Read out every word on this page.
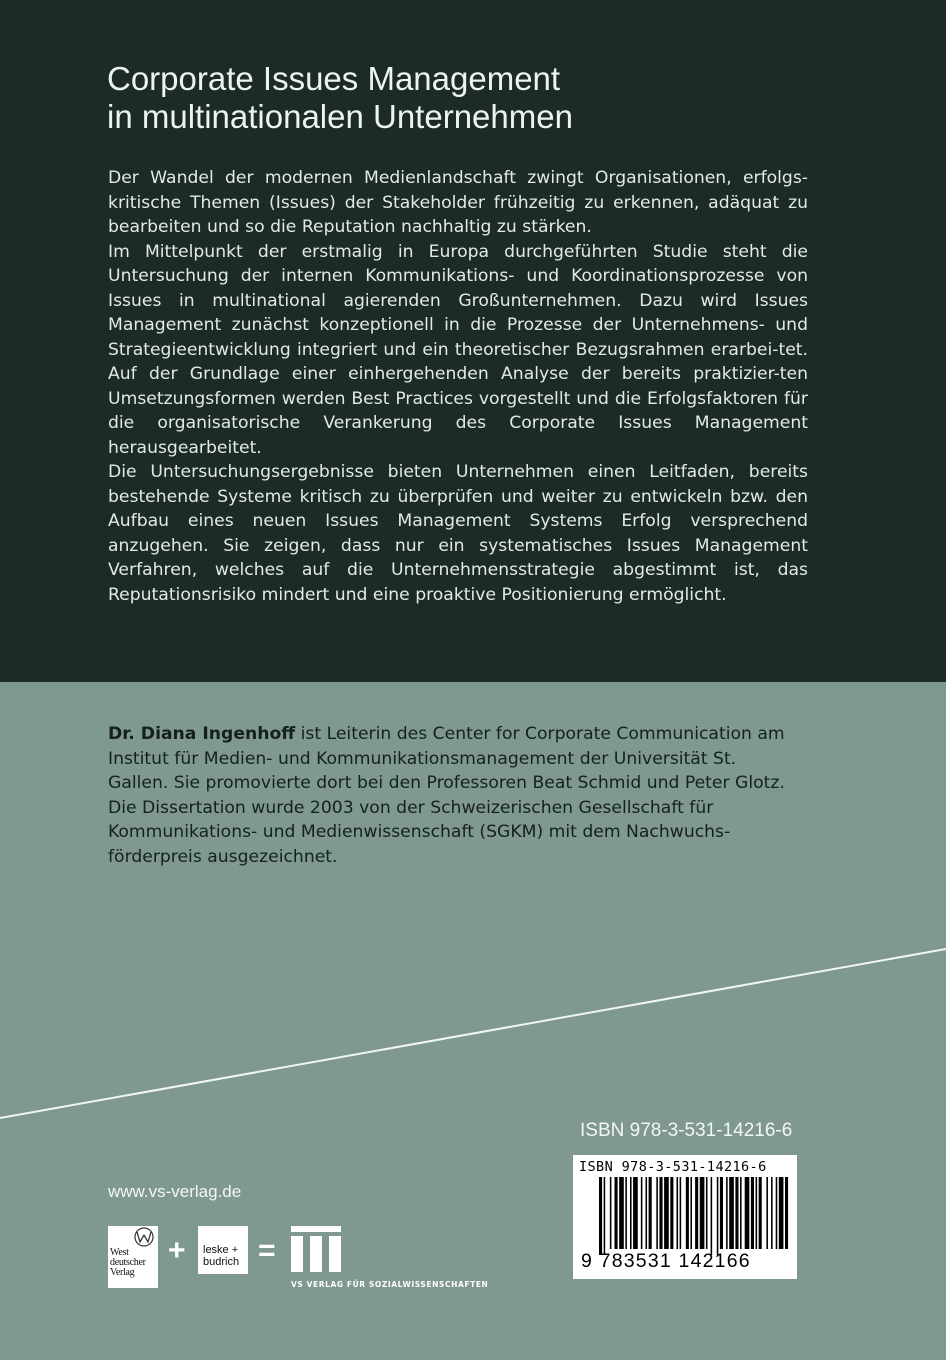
Corporate Issues Management
in multinationalen Unternehmen

Der Wandel der modernen Medienlandschaft zwingt Organisationen, erfolgs-kritische Themen (Issues) der Stakeholder frühzeitig zu erkennen, adäquat zu bearbeiten und so die Reputation nachhaltig zu stärken.

Im Mittelpunkt der erstmalig in Europa durchgeführten Studie steht die Untersuchung der internen Kommunikations- und Koordinationsprozesse von Issues in multinational agierenden Großunternehmen. Dazu wird Issues Management zunächst konzeptionell in die Prozesse der Unternehmens- und Strategieentwicklung integriert und ein theoretischer Bezugsrahmen erarbei-tet. Auf der Grundlage einer einhergehenden Analyse der bereits praktizier-ten Umsetzungsformen werden Best Practices vorgestellt und die Erfolgsfaktoren für die organisatorische Verankerung des Corporate Issues Management herausgearbeitet.

Die Untersuchungsergebnisse bieten Unternehmen einen Leitfaden, bereits bestehende Systeme kritisch zu überprüfen und weiter zu entwickeln bzw. den Aufbau eines neuen Issues Management Systems Erfolg versprechend anzugehen. Sie zeigen, dass nur ein systematisches Issues Management Verfahren, welches auf die Unternehmensstrategie abgestimmt ist, das Reputationsrisiko mindert und eine proaktive Positionierung ermöglicht.

Dr. Diana Ingenhoff ist Leiterin des Center for Corporate Communication am Institut für Medien- und Kommunikationsmanagement der Universität St. Gallen. Sie promovierte dort bei den Professoren Beat Schmid und Peter Glotz. Die Dissertation wurde 2003 von der Schweizerischen Gesellschaft für Kommunikations- und Medienwissenschaft (SGKM) mit dem Nachwuchs-förderpreis ausgezeichnet.

ISBN 978-3-531-14216-6
ISBN 978-3-531-14216-6
9 783531 142166
www.vs-verlag.de
West
deutscher
Verlag
+ leske +
budrich =
VS VERLAG FÜR SOZIALWISSENSCHAFTEN
